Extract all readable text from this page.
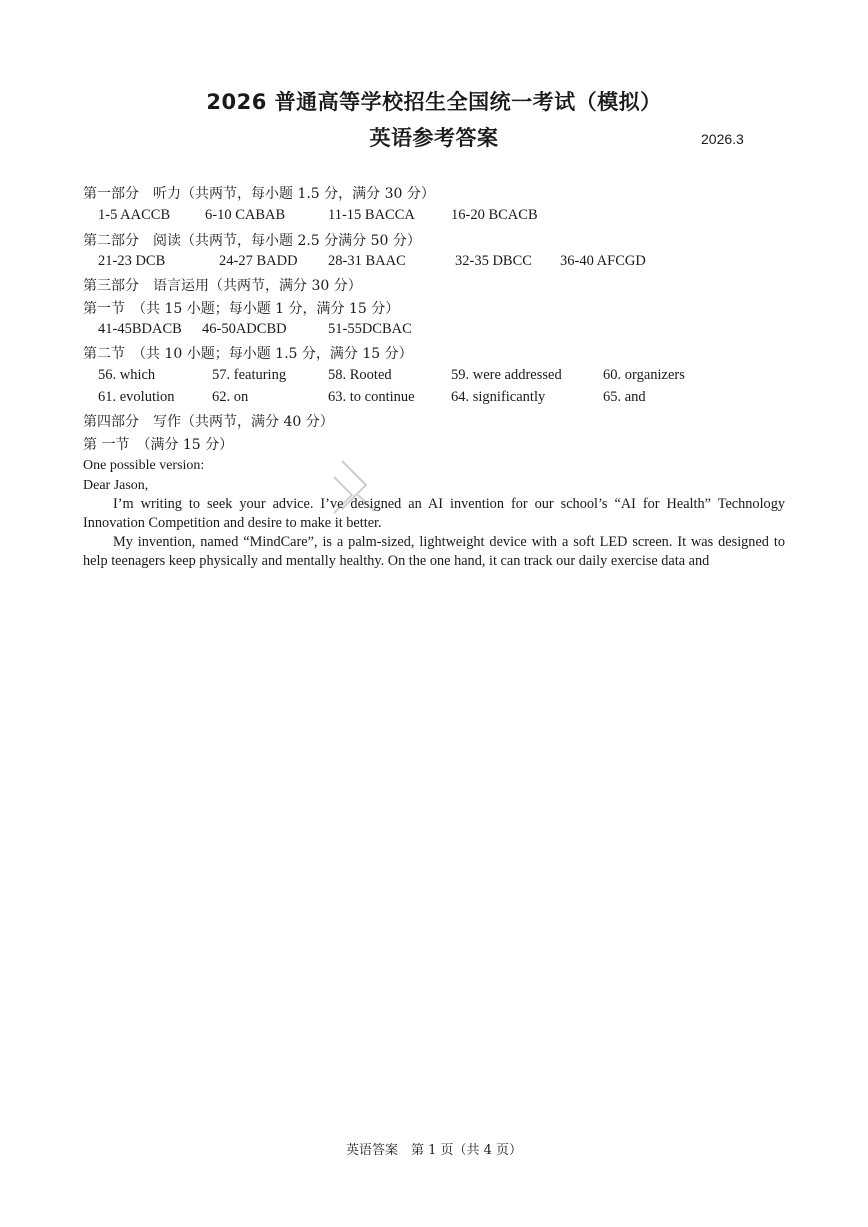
2026 普通高等学校招生全国统一考试（模拟）
英语参考答案	2026.3
第一部分　听力（共两节，每小题 1.5 分，满分 30 分）
1-5 AACCB 6-10 CABAB	11-15 BACCA 16-20 BCACB
第二部分　阅读（共两节，每小题 2.5 分满分 50 分）
21-23 DCB	24-27 BADD 28-31 BAAC	32-35 DBCC 36-40 AFCGD
第三部分　语言运用（共两节，满分 30 分）
第一节　（共 15 小题；每小题 1 分，满分 15 分）
41-45BDACB 46-50ADCBD	51-55DCBAC
第二节　（共 10 小题；每小题 1.5 分，满分 15 分）
56. which	57. featuring	58. Rooted	59. were addressed	60. organizers
61. evolution	62. on	63. to continue	64. significantly	65. and
第四部分　写作（共两节，满分 40 分）
第 一节　（满分 15 分）
One possible version:
Dear Jason,

I’m writing to seek your advice. I’ve designed an AI invention for our school’s “AI for Health” Technology Innovation Competition and desire to make it better.

My invention, named “MindCare”, is a palm-sized, lightweight device with a soft LED screen. It was designed to help teenagers keep physically and mentally healthy. On the one hand, it can track our daily exercise data and

英语答案　第 1 页（共 4 页）
